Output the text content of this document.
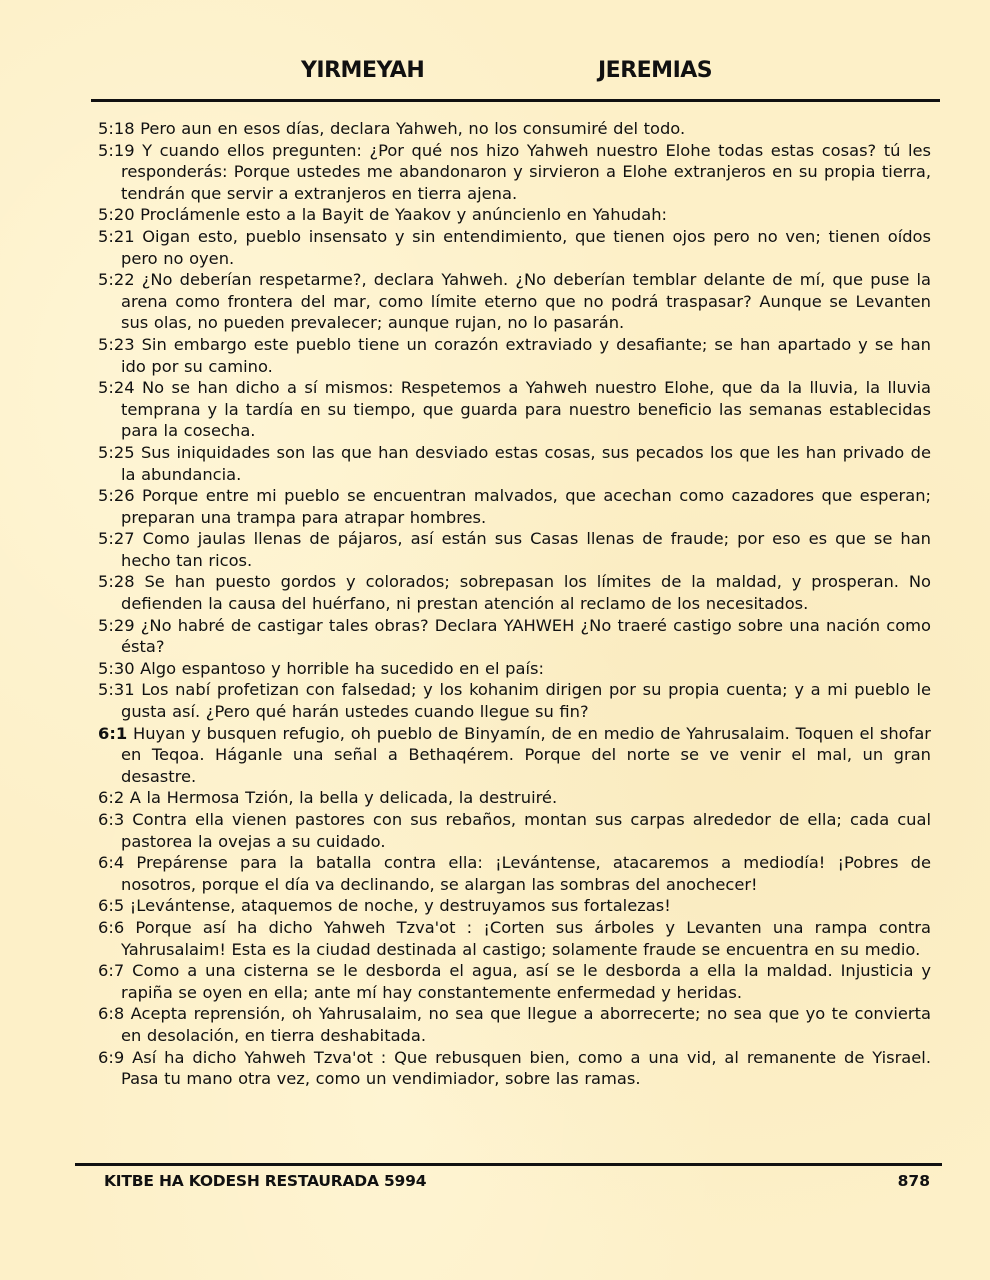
YIRMEYAH	JEREMIAS

5:18 Pero aun en esos días, declara Yahweh, no los consumiré del todo.

5:19 Y cuando ellos pregunten: ¿Por qué nos hizo Yahweh nuestro Elohe todas estas cosas? tú les responderás: Porque ustedes me abandonaron y sirvieron a Elohe extranjeros en su propia tierra, tendrán que servir a extranjeros en tierra ajena.

5:20 Proclámenle esto a la Bayit de Yaakov y anúncienlo en Yahudah:

5:21 Oigan esto, pueblo insensato y sin entendimiento, que tienen ojos pero no ven; tienen oídos pero no oyen.

5:22 ¿No deberían respetarme?, declara Yahweh. ¿No deberían temblar delante de mí, que puse la arena como frontera del mar, como límite eterno que no podrá traspasar? Aunque se Levanten sus olas, no pueden prevalecer; aunque rujan, no lo pasarán.

5:23 Sin embargo este pueblo tiene un corazón extraviado y desafiante; se han apartado y se han ido por su camino.

5:24 No se han dicho a sí mismos: Respetemos a Yahweh nuestro Elohe, que da la lluvia, la lluvia temprana y la tardía en su tiempo, que guarda para nuestro beneficio las semanas establecidas para la cosecha.

5:25 Sus iniquidades son las que han desviado estas cosas, sus pecados los que les han privado de la abundancia.

5:26 Porque entre mi pueblo se encuentran malvados, que acechan como cazadores que esperan; preparan una trampa para atrapar hombres.

5:27 Como jaulas llenas de pájaros, así están sus Casas llenas de fraude; por eso es que se han hecho tan ricos.

5:28 Se han puesto gordos y colorados; sobrepasan los límites de la maldad, y prosperan. No defienden la causa del huérfano, ni prestan atención al reclamo de los necesitados.

5:29 ¿No habré de castigar tales obras? Declara YAHWEH ¿No traeré castigo sobre una nación como ésta?

5:30 Algo espantoso y horrible ha sucedido en el país:

5:31 Los nabí profetizan con falsedad; y los kohanim dirigen por su propia cuenta; y a mi pueblo le gusta así. ¿Pero qué harán ustedes cuando llegue su fin?

6:1 Huyan y busquen refugio, oh pueblo de Binyamín, de en medio de Yahrusalaim. Toquen el shofar en Teqoa. Háganle una señal a Bethaqérem. Porque del norte se ve venir el mal, un gran desastre.

6:2 A la Hermosa Tzión, la bella y delicada, la destruiré.

6:3 Contra ella vienen pastores con sus rebaños, montan sus carpas alrededor de ella; cada cual pastorea la ovejas a su cuidado.

6:4 Prepárense para la batalla contra ella: ¡Levántense, atacaremos a mediodía! ¡Pobres de nosotros, porque el día va declinando, se alargan las sombras del anochecer!

6:5 ¡Levántense, ataquemos de noche, y destruyamos sus fortalezas!

6:6 Porque así ha dicho Yahweh Tzva'ot : ¡Corten sus árboles y Levanten una rampa contra Yahrusalaim! Esta es la ciudad destinada al castigo; solamente fraude se encuentra en su medio.

6:7 Como a una cisterna se le desborda el agua, así se le desborda a ella la maldad. Injusticia y rapiña se oyen en ella; ante mí hay constantemente enfermedad y heridas.

6:8 Acepta reprensión, oh Yahrusalaim, no sea que llegue a aborrecerte; no sea que yo te convierta en desolación, en tierra deshabitada.

6:9 Así ha dicho Yahweh Tzva'ot : Que rebusquen bien, como a una vid, al remanente de Yisrael. Pasa tu mano otra vez, como un vendimiador, sobre las ramas.

KITBE HA KODESH RESTAURADA 5994	878
